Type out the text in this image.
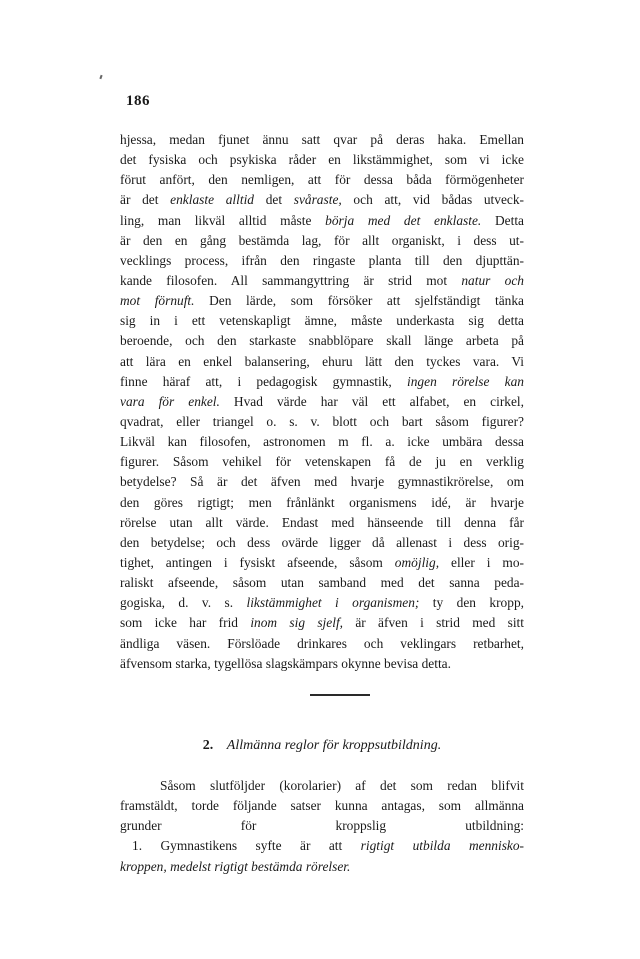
186
hjessa, medan fjunet ännu satt qvar på deras haka. Emellan
det fysiska och psykiska råder en likstämmighet, som vi icke
förut anfört, den nemligen, att för dessa båda förmögenheter
är det enklaste alltid det svåraste, och att, vid bådas utveck-
ling, man likväl alltid måste börja med det enklaste. Detta
är den en gång bestämda lag, för allt organiskt, i dess ut-
vecklings process, ifrån den ringaste planta till den djupttän-
kande filosofen. All sammangyttring är strid mot natur och
mot förnuft. Den lärde, som försöker att sjelfständigt tänka
sig in i ett vetenskapligt ämne, måste underkasta sig detta
beroende, och den starkaste snabblöpare skall länge arbeta på
att lära en enkel balansering, ehuru lätt den tyckes vara. Vi
finne häraf att, i pedagogisk gymnastik, ingen rörelse kan
vara för enkel. Hvad värde har väl ett alfabet, en cirkel,
qvadrat, eller triangel o. s. v. blott och bart såsom figurer?
Likväl kan filosofen, astronomen m fl. a. icke umbära dessa
figurer. Såsom vehikel för vetenskapen få de ju en verklig
betydelse? Så är det äfven med hvarje gymnastikrörelse, om
den göres rigtigt; men frånlänkt organismens idé, är hvarje
rörelse utan allt värde. Endast med hänseende till denna får
den betydelse; och dess ovärde ligger då allenast i dess orig-
tighet, antingen i fysiskt afseende, såsom omöjlig, eller i mo-
raliskt afseende, såsom utan samband med det sanna peda-
gogiska, d. v. s. likstämmighet i organismen; ty den kropp,
som icke har frid inom sig sjelf, är äfven i strid med sitt
ändliga väsen. Förslöade drinkares och veklingars retbarhet,
äfvensom starka, tygellösa slagskämpars okynne bevisa detta.
2. Allmänna reglor för kroppsutbildning.
Såsom slutföljder (korolarier) af det som redan blifvit
framstäldt, torde följande satser kunna antagas, som allmänna
grunder för kroppslig utbildning:
1. Gymnastikens syfte är att rigtigt utbilda mennisko-
kroppen, medelst rigtigt bestämda rörelser.
